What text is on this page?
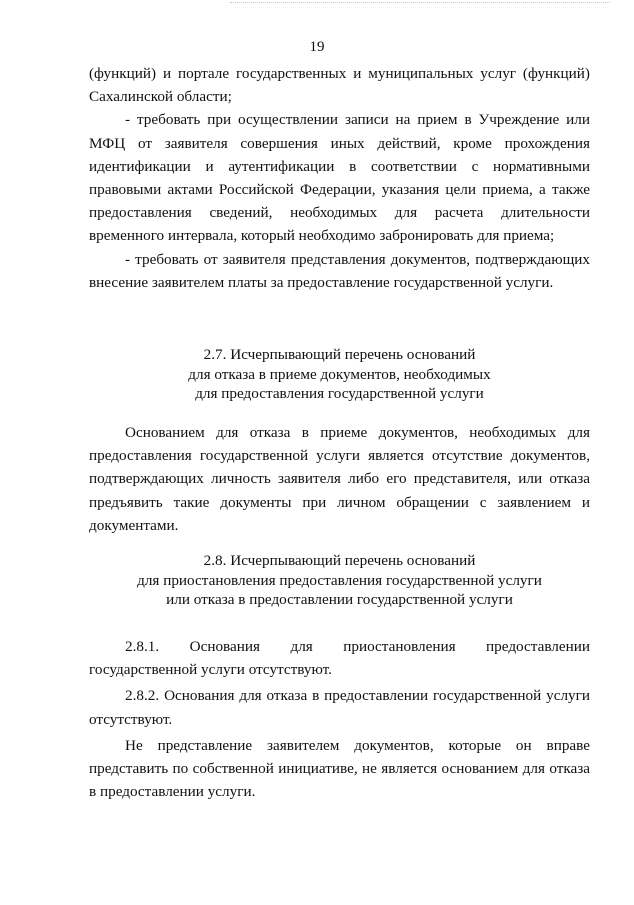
19

(функций) и портале государственных и муниципальных услуг (функций)

Сахалинской области;

- требовать при осуществлении записи на прием в Учреждение или МФЦ от заявителя совершения иных действий, кроме прохождения идентификации и аутентификации в соответствии с нормативными правовыми актами Российской Федерации, указания цели приема, а также предоставления сведений, необходимых для расчета длительности временного интервала, который необходимо забронировать для приема;

- требовать от заявителя представления документов, подтверждающих внесение заявителем платы за предоставление государственной услуги.

2.7. Исчерпывающий перечень оснований
для отказа в приеме документов, необходимых
для предоставления государственной услуги

Основанием для отказа в приеме документов, необходимых для предоставления государственной услуги является отсутствие документов, подтверждающих личность заявителя либо его представителя, или отказа предъявить такие документы при личном обращении с заявлением и документами.

2.8. Исчерпывающий перечень оснований
для приостановления предоставления государственной услуги
или отказа в предоставлении государственной услуги

2.8.1. Основания для приостановления предоставлении государственной услуги отсутствуют.

2.8.2. Основания для отказа в предоставлении государственной услуги отсутствуют.

Не представление заявителем документов, которые он вправе представить по собственной инициативе, не является основанием для отказа в предоставлении услуги.
